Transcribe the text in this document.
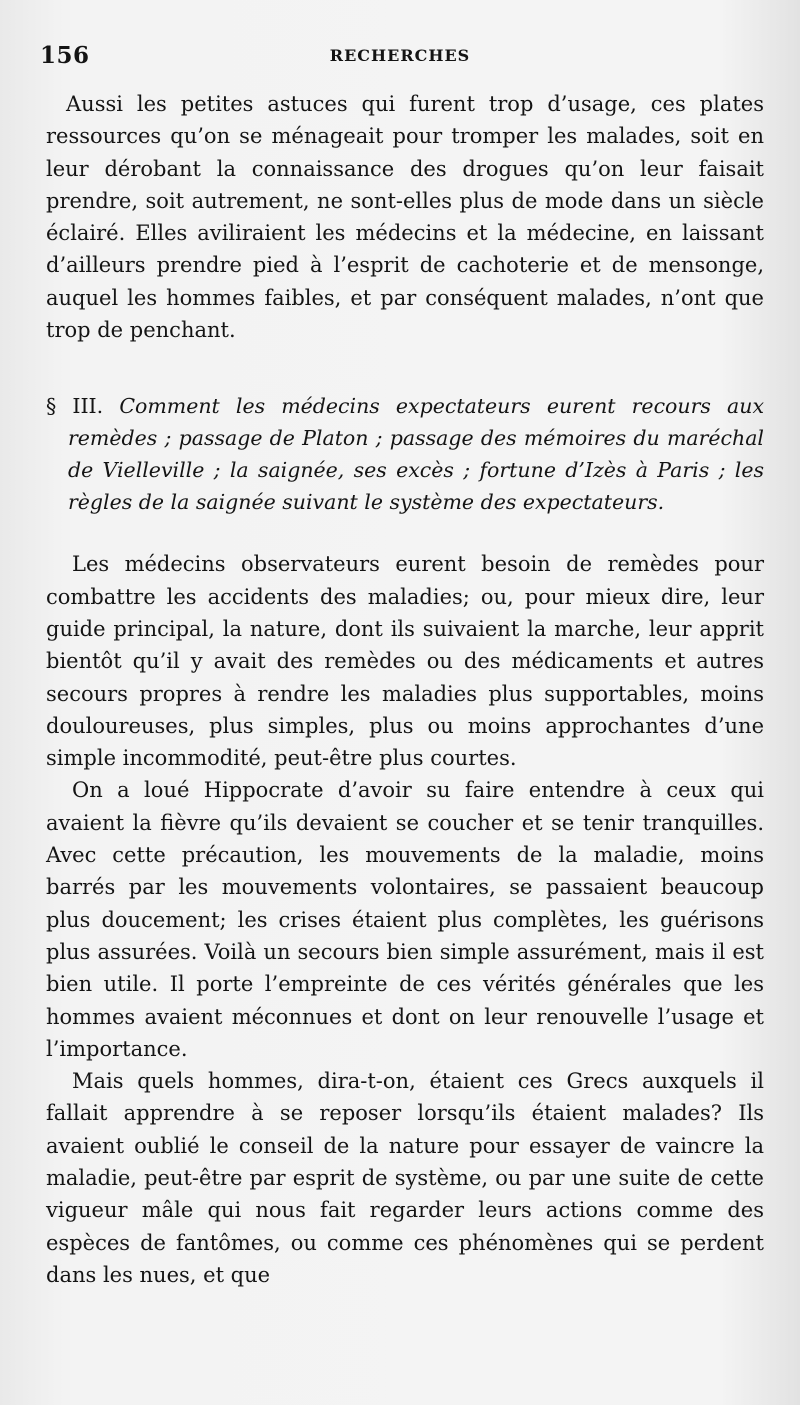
156	RECHERCHES

Aussi les petites astuces qui furent trop d’usage, ces plates ressources qu’on se ménageait pour tromper les malades, soit en leur dérobant la connaissance des drogues qu’on leur faisait prendre, soit autrement, ne sont-elles plus de mode dans un siècle éclairé. Elles aviliraient les médecins et la médecine, en laissant d’ailleurs prendre pied à l’esprit de cachoterie et de mensonge, auquel les hommes faibles, et par conséquent malades, n’ont que trop de penchant.

§ III. Comment les médecins expectateurs eurent recours aux remèdes ; passage de Platon ; passage des mémoires du maréchal de Vielleville ; la saignée, ses excès ; fortune d’Izès à Paris ; les règles de la saignée suivant le système des expectateurs.

Les médecins observateurs eurent besoin de remèdes pour combattre les accidents des maladies; ou, pour mieux dire, leur guide principal, la nature, dont ils suivaient la marche, leur apprit bientôt qu’il y avait des remèdes ou des médicaments et autres secours propres à rendre les maladies plus supportables, moins douloureuses, plus simples, plus ou moins approchantes d’une simple incommodité, peut-être plus courtes.

On a loué Hippocrate d’avoir su faire entendre à ceux qui avaient la fièvre qu’ils devaient se coucher et se tenir tranquilles. Avec cette précaution, les mouvements de la maladie, moins barrés par les mouvements volontaires, se passaient beaucoup plus doucement; les crises étaient plus complètes, les guérisons plus assurées. Voilà un secours bien simple assurément, mais il est bien utile. Il porte l’empreinte de ces vérités générales que les hommes avaient méconnues et dont on leur renouvelle l’usage et l’importance.

Mais quels hommes, dira-t-on, étaient ces Grecs auxquels il fallait apprendre à se reposer lorsqu’ils étaient malades? Ils avaient oublié le conseil de la nature pour essayer de vaincre la maladie, peut-être par esprit de système, ou par une suite de cette vigueur mâle qui nous fait regarder leurs actions comme des espèces de fantômes, ou comme ces phénomènes qui se perdent dans les nues, et que
